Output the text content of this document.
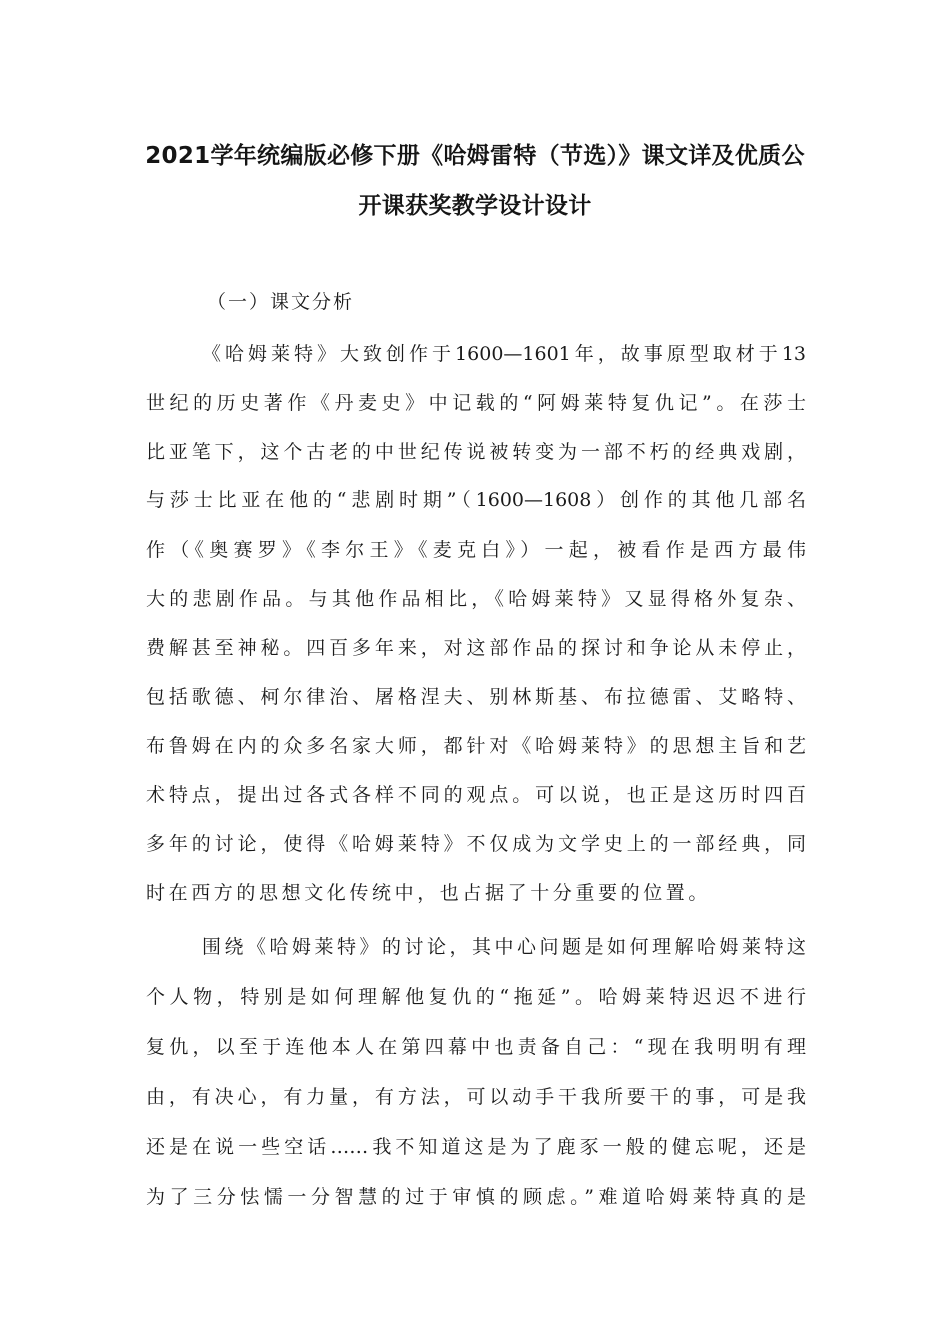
2021学年统编版必修下册《哈姆雷特（节选）》课文详及优质公
开课获奖教学设计设计
（一）课文分析
《哈姆莱特》大致创作于1600—1601年，故事原型取材于13
世纪的历史著作《丹麦史》中记载的“阿姆莱特复仇记”。在莎士
比亚笔下，这个古老的中世纪传说被转变为一部不朽的经典戏剧，
与莎士比亚在他的“悲剧时期”（1600—1608）创作的其他几部名
作（《奥赛罗》《李尔王》《麦克白》）一起，被看作是西方最伟
大的悲剧作品。与其他作品相比，《哈姆莱特》又显得格外复杂、
费解甚至神秘。四百多年来，对这部作品的探讨和争论从未停止，
包括歌德、柯尔律治、屠格涅夫、别林斯基、布拉德雷、艾略特、
布鲁姆在内的众多名家大师，都针对《哈姆莱特》的思想主旨和艺
术特点，提出过各式各样不同的观点。可以说，也正是这历时四百
多年的讨论，使得《哈姆莱特》不仅成为文学史上的一部经典，同
时在西方的思想文化传统中，也占据了十分重要的位置。
围绕《哈姆莱特》的讨论，其中心问题是如何理解哈姆莱特这
个人物，特别是如何理解他复仇的“拖延”。哈姆莱特迟迟不进行
复仇，以至于连他本人在第四幕中也责备自己：“现在我明明有理
由，有决心，有力量，有方法，可以动手干我所要干的事，可是我
还是在说一些空话……我不知道这是为了鹿豕一般的健忘呢，还是
为了三分怯懦一分智慧的过于审慎的顾虑。”难道哈姆莱特真的是
